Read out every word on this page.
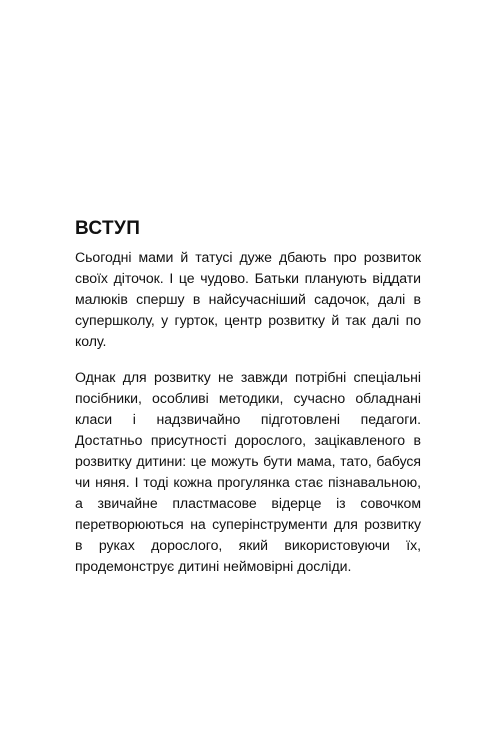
ВСТУП

Сьогодні мами й татусі дуже дбають про розвиток своїх діточок. І це чудово. Батьки планують віддати малюків спершу в найсучасніший садочок, далі в супершколу, у гурток, центр розвитку й так далі по колу.

Однак для розвитку не завжди потрібні спеціальні посібники, особливі методики, сучасно обладнані класи і надзвичайно підготовлені педагоги. Достатньо присутності дорослого, зацікавленого в розвитку дитини: це можуть бути мама, тато, бабуся чи няня. І тоді кожна прогулянка стає пізнавальною, а звичайне пластмасове відерце із совочком перетворюються на суперінструменти для розвитку в руках дорослого, який використовуючи їх, продемонструє дитині неймовірні досліди.
